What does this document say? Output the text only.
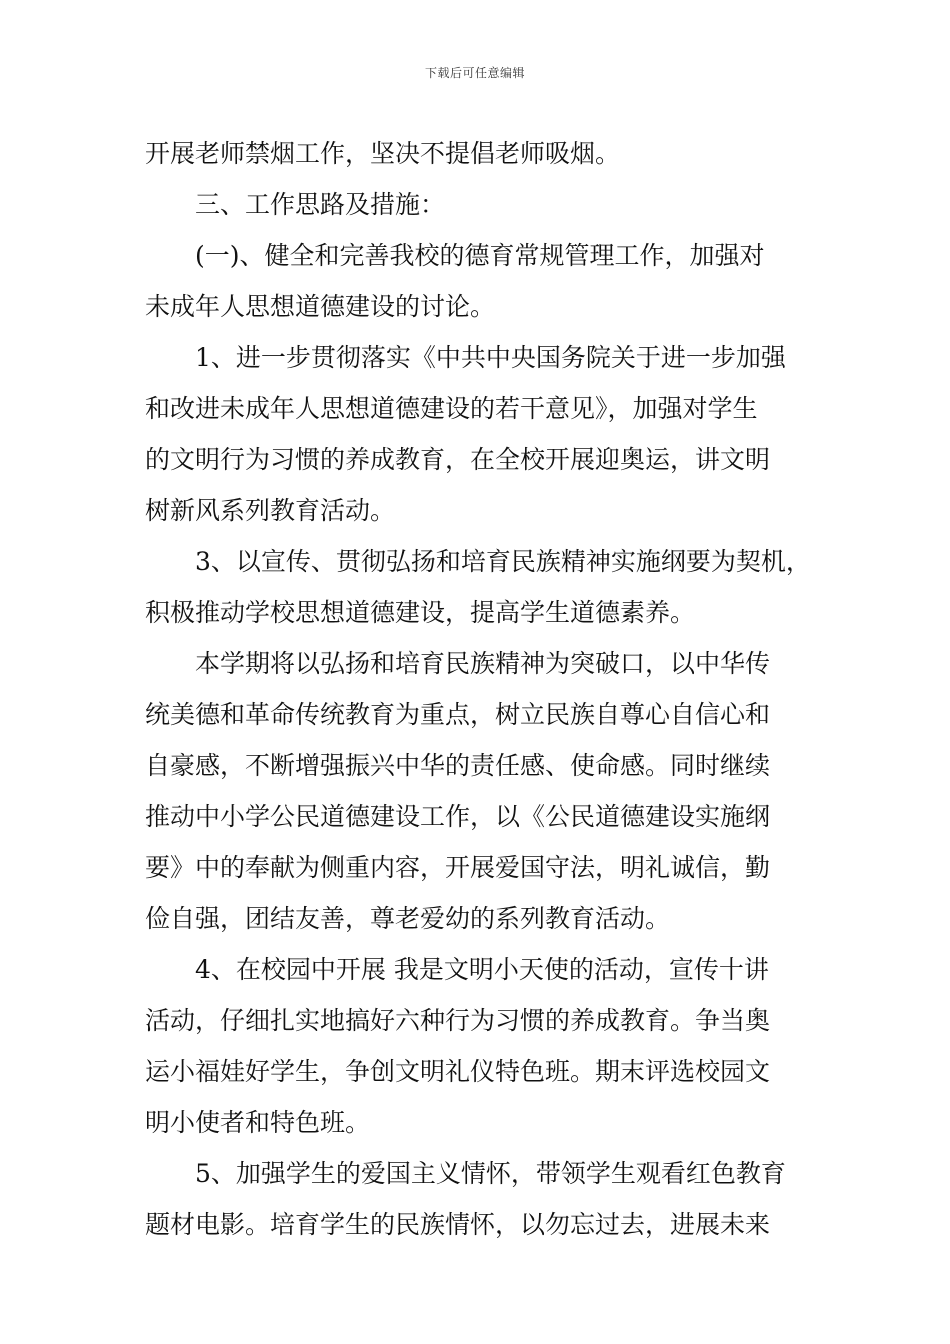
下载后可任意编辑
开展老师禁烟工作，坚决不提倡老师吸烟。
三、工作思路及措施：
(一)、健全和完善我校的德育常规管理工作，加强对
未成年人思想道德建设的讨论。
1、进一步贯彻落实《中共中央国务院关于进一步加强
和改进未成年人思想道德建设的若干意见》，加强对学生
的文明行为习惯的养成教育，在全校开展迎奥运，讲文明
树新风系列教育活动。
3、以宣传、贯彻弘扬和培育民族精神实施纲要为契机，
积极推动学校思想道德建设，提高学生道德素养。
本学期将以弘扬和培育民族精神为突破口，以中华传
统美德和革命传统教育为重点，树立民族自尊心自信心和
自豪感，不断增强振兴中华的责任感、使命感。同时继续
推动中小学公民道德建设工作，以《公民道德建设实施纲
要》中的奉献为侧重内容，开展爱国守法，明礼诚信，勤
俭自强，团结友善，尊老爱幼的系列教育活动。
4、在校园中开展 我是文明小天使的活动，宣传十讲
活动，仔细扎实地搞好六种行为习惯的养成教育。争当奥
运小福娃好学生，争创文明礼仪特色班。期末评选校园文
明小使者和特色班。
5、加强学生的爱国主义情怀，带领学生观看红色教育
题材电影。培育学生的民族情怀，以勿忘过去，进展未来
